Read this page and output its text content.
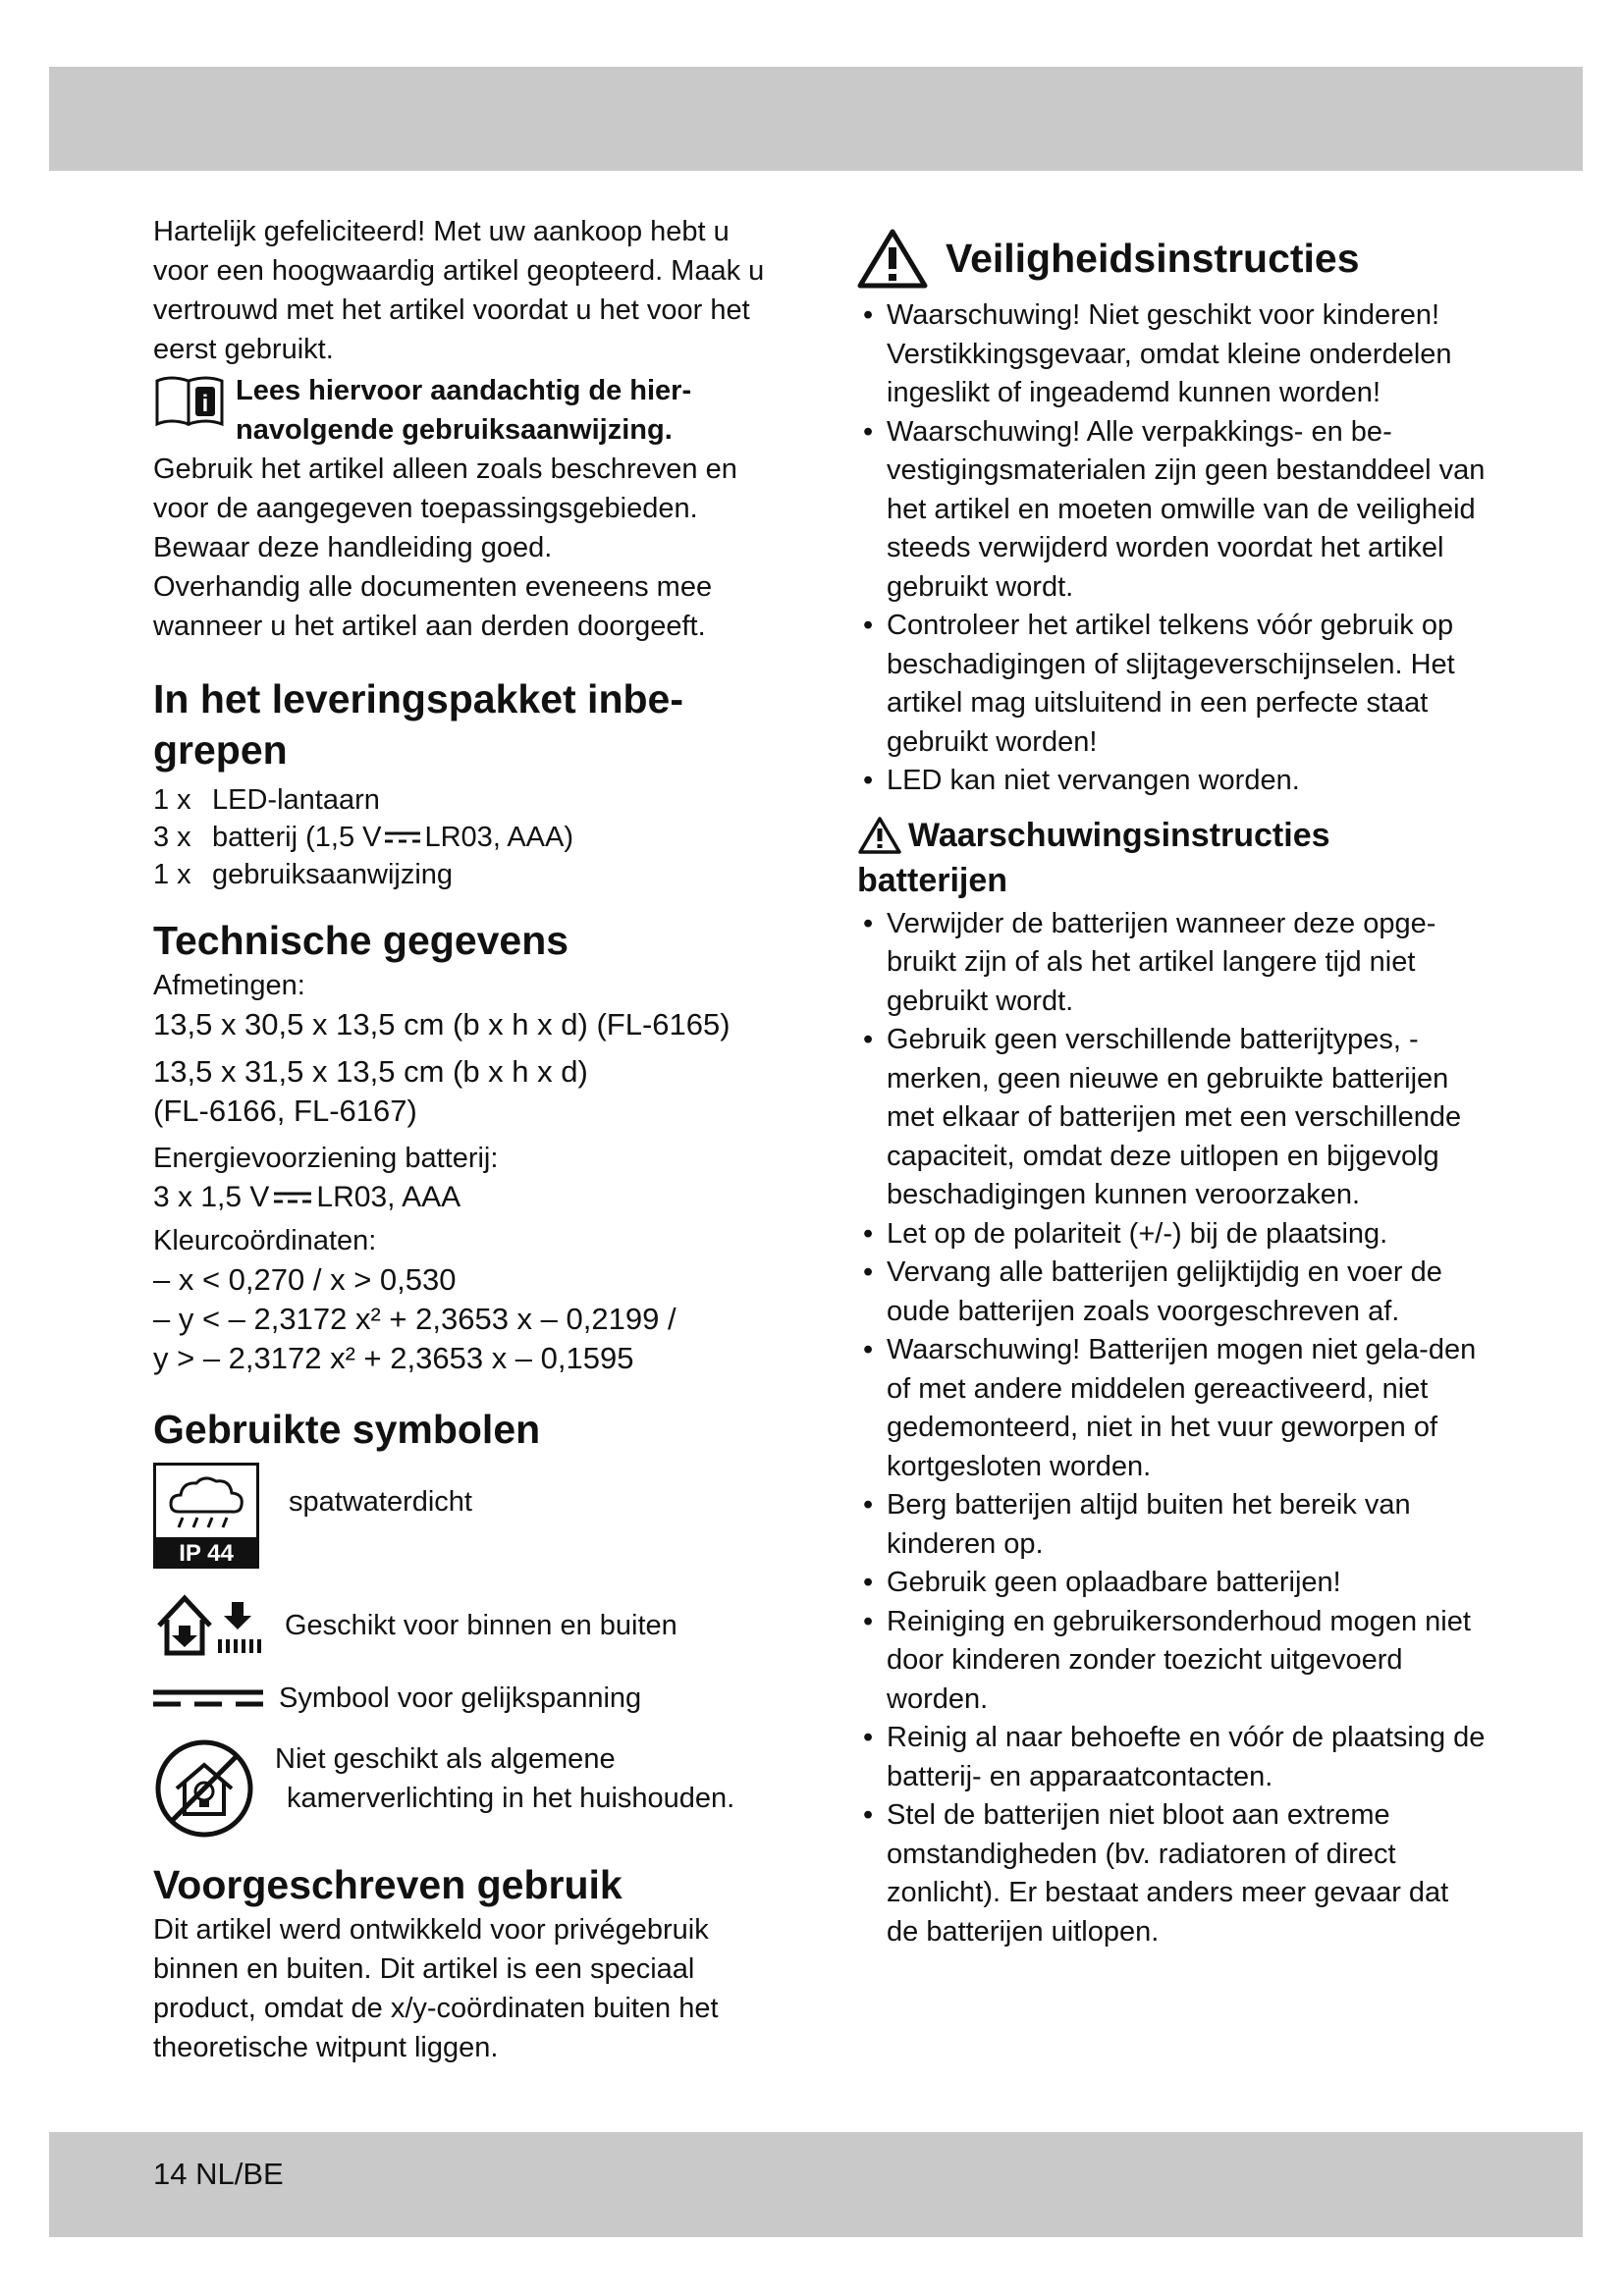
Hartelijk gefeliciteerd! Met uw aankoop hebt u voor een hoogwaardig artikel geopteerd. Maak u vertrouwd met het artikel voordat u het voor het eerst gebruikt.

i Lees hiervoor aandachtig de hier-

navolgende gebruiksaanwijzing.

Gebruik het artikel alleen zoals beschreven en voor de aangegeven toepassingsgebieden.

Bewaar deze handleiding goed.

Overhandig alle documenten eveneens mee wanneer u het artikel aan derden doorgeeft.

In het leveringspakket inbe-
grepen
1 x LED-lantaarn
3 x batterij (1,5 V LR03, AAA)
1 x gebruiksaanwijzing
Technische gegevens

Afmetingen:

13,5 x 30,5 x 13,5 cm (b x h x d) (FL-6165)

13,5 x 31,5 x 13,5 cm (b x h x d)

(FL-6166, FL-6167)

Energievoorziening batterij:

3 x 1,5 V LR03, AAA

Kleurcoördinaten:

– x < 0,270 / x > 0,530

– y < – 2,3172 x² + 2,3653 x – 0,2199 /

y > – 2,3172 x² + 2,3653 x – 0,1595

Gebruikte symbolen
IP 44

spatwaterdicht

Geschikt voor binnen en buiten

Symbool voor gelijkspanning

Niet geschikt als algemene

kamerverlichting in het huishouden.

Voorgeschreven gebruik

Dit artikel werd ontwikkeld voor privégebruik binnen en buiten. Dit artikel is een speciaal product, omdat de x/y-coördinaten buiten het theoretische witpunt liggen.

Veiligheidsinstructies
• Waarschuwing! Niet geschikt voor kinderen! Verstikkingsgevaar, omdat kleine onderdelen ingeslikt of ingeademd kunnen worden!
• Waarschuwing! Alle verpakkings- en be-vestigingsmaterialen zijn geen bestanddeel van het artikel en moeten omwille van de veiligheid steeds verwijderd worden voordat het artikel gebruikt wordt.
• Controleer het artikel telkens vóór gebruik op beschadigingen of slijtageverschijnselen. Het artikel mag uitsluitend in een perfecte staat gebruikt worden!
• LED kan niet vervangen worden.
Waarschuwingsinstructies
batterijen
• Verwijder de batterijen wanneer deze opge-bruikt zijn of als het artikel langere tijd niet gebruikt wordt.
• Gebruik geen verschillende batterijtypes, -merken, geen nieuwe en gebruikte batterijen met elkaar of batterijen met een verschillende capaciteit, omdat deze uitlopen en bijgevolg beschadigingen kunnen veroorzaken.
• Let op de polariteit (+/-) bij de plaatsing.
• Vervang alle batterijen gelijktijdig en voer de oude batterijen zoals voorgeschreven af.
• Waarschuwing! Batterijen mogen niet gela-den of met andere middelen gereactiveerd, niet gedemonteerd, niet in het vuur geworpen of kortgesloten worden.
• Berg batterijen altijd buiten het bereik van kinderen op.
• Gebruik geen oplaadbare batterijen!
• Reiniging en gebruikersonderhoud mogen niet door kinderen zonder toezicht uitgevoerd worden.
• Reinig al naar behoefte en vóór de plaatsing de batterij- en apparaatcontacten.
• Stel de batterijen niet bloot aan extreme omstandigheden (bv. radiatoren of direct zonlicht). Er bestaat anders meer gevaar dat de batterijen uitlopen.
14 NL/BE
